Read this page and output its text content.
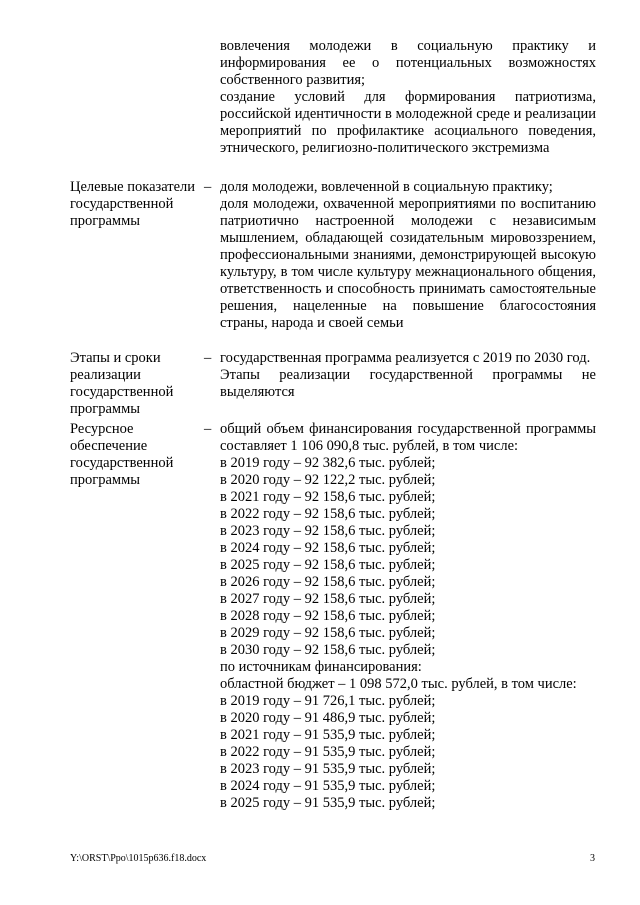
вовлечения молодежи в социальную практику и информирования ее о потенциальных возможностях собственного развития;

создание условий для формирования патриотизма, российской идентичности в молодежной среде и реализации мероприятий по профилактике асоциального поведения, этнического, религиозно-политического экстремизма

Целевые показатели государственной программы
– доля молодежи, вовлеченной в социальную практику;

доля молодежи, охваченной мероприятиями по воспитанию патриотично настроенной молодежи с независимым мышлением, обладающей созидательным мировоззрением, профессиональными знаниями, демонстрирующей высокую культуру, в том числе культуру межнационального общения, ответственность и способность принимать самостоятельные решения, нацеленные на повышение благосостояния страны, народа и своей семьи

Этапы и сроки реализации государственной программы
– государственная программа реализуется с 2019 по 2030 год.

Этапы реализации государственной программы не выделяются

Ресурсное обеспечение государственной программы
– общий объем финансирования государственной программы составляет 1 106 090,8 тыс. рублей, в том числе:

в 2019 году – 92 382,6 тыс. рублей;

в 2020 году – 92 122,2 тыс. рублей;

в 2021 году – 92 158,6 тыс. рублей;

в 2022 году – 92 158,6 тыс. рублей;

в 2023 году – 92 158,6 тыс. рублей;

в 2024 году – 92 158,6 тыс. рублей;

в 2025 году – 92 158,6 тыс. рублей;

в 2026 году – 92 158,6 тыс. рублей;

в 2027 году – 92 158,6 тыс. рублей;

в 2028 году – 92 158,6 тыс. рублей;

в 2029 году – 92 158,6 тыс. рублей;

в 2030 году – 92 158,6 тыс. рублей;

по источникам финансирования:

областной бюджет – 1 098 572,0 тыс. рублей, в том числе:

в 2019 году – 91 726,1 тыс. рублей;

в 2020 году – 91 486,9 тыс. рублей;

в 2021 году – 91 535,9 тыс. рублей;

в 2022 году – 91 535,9 тыс. рублей;

в 2023 году – 91 535,9 тыс. рублей;

в 2024 году – 91 535,9 тыс. рублей;

в 2025 году – 91 535,9 тыс. рублей;

Y:\ORST\Ppo\1015p636.f18.docx	3
